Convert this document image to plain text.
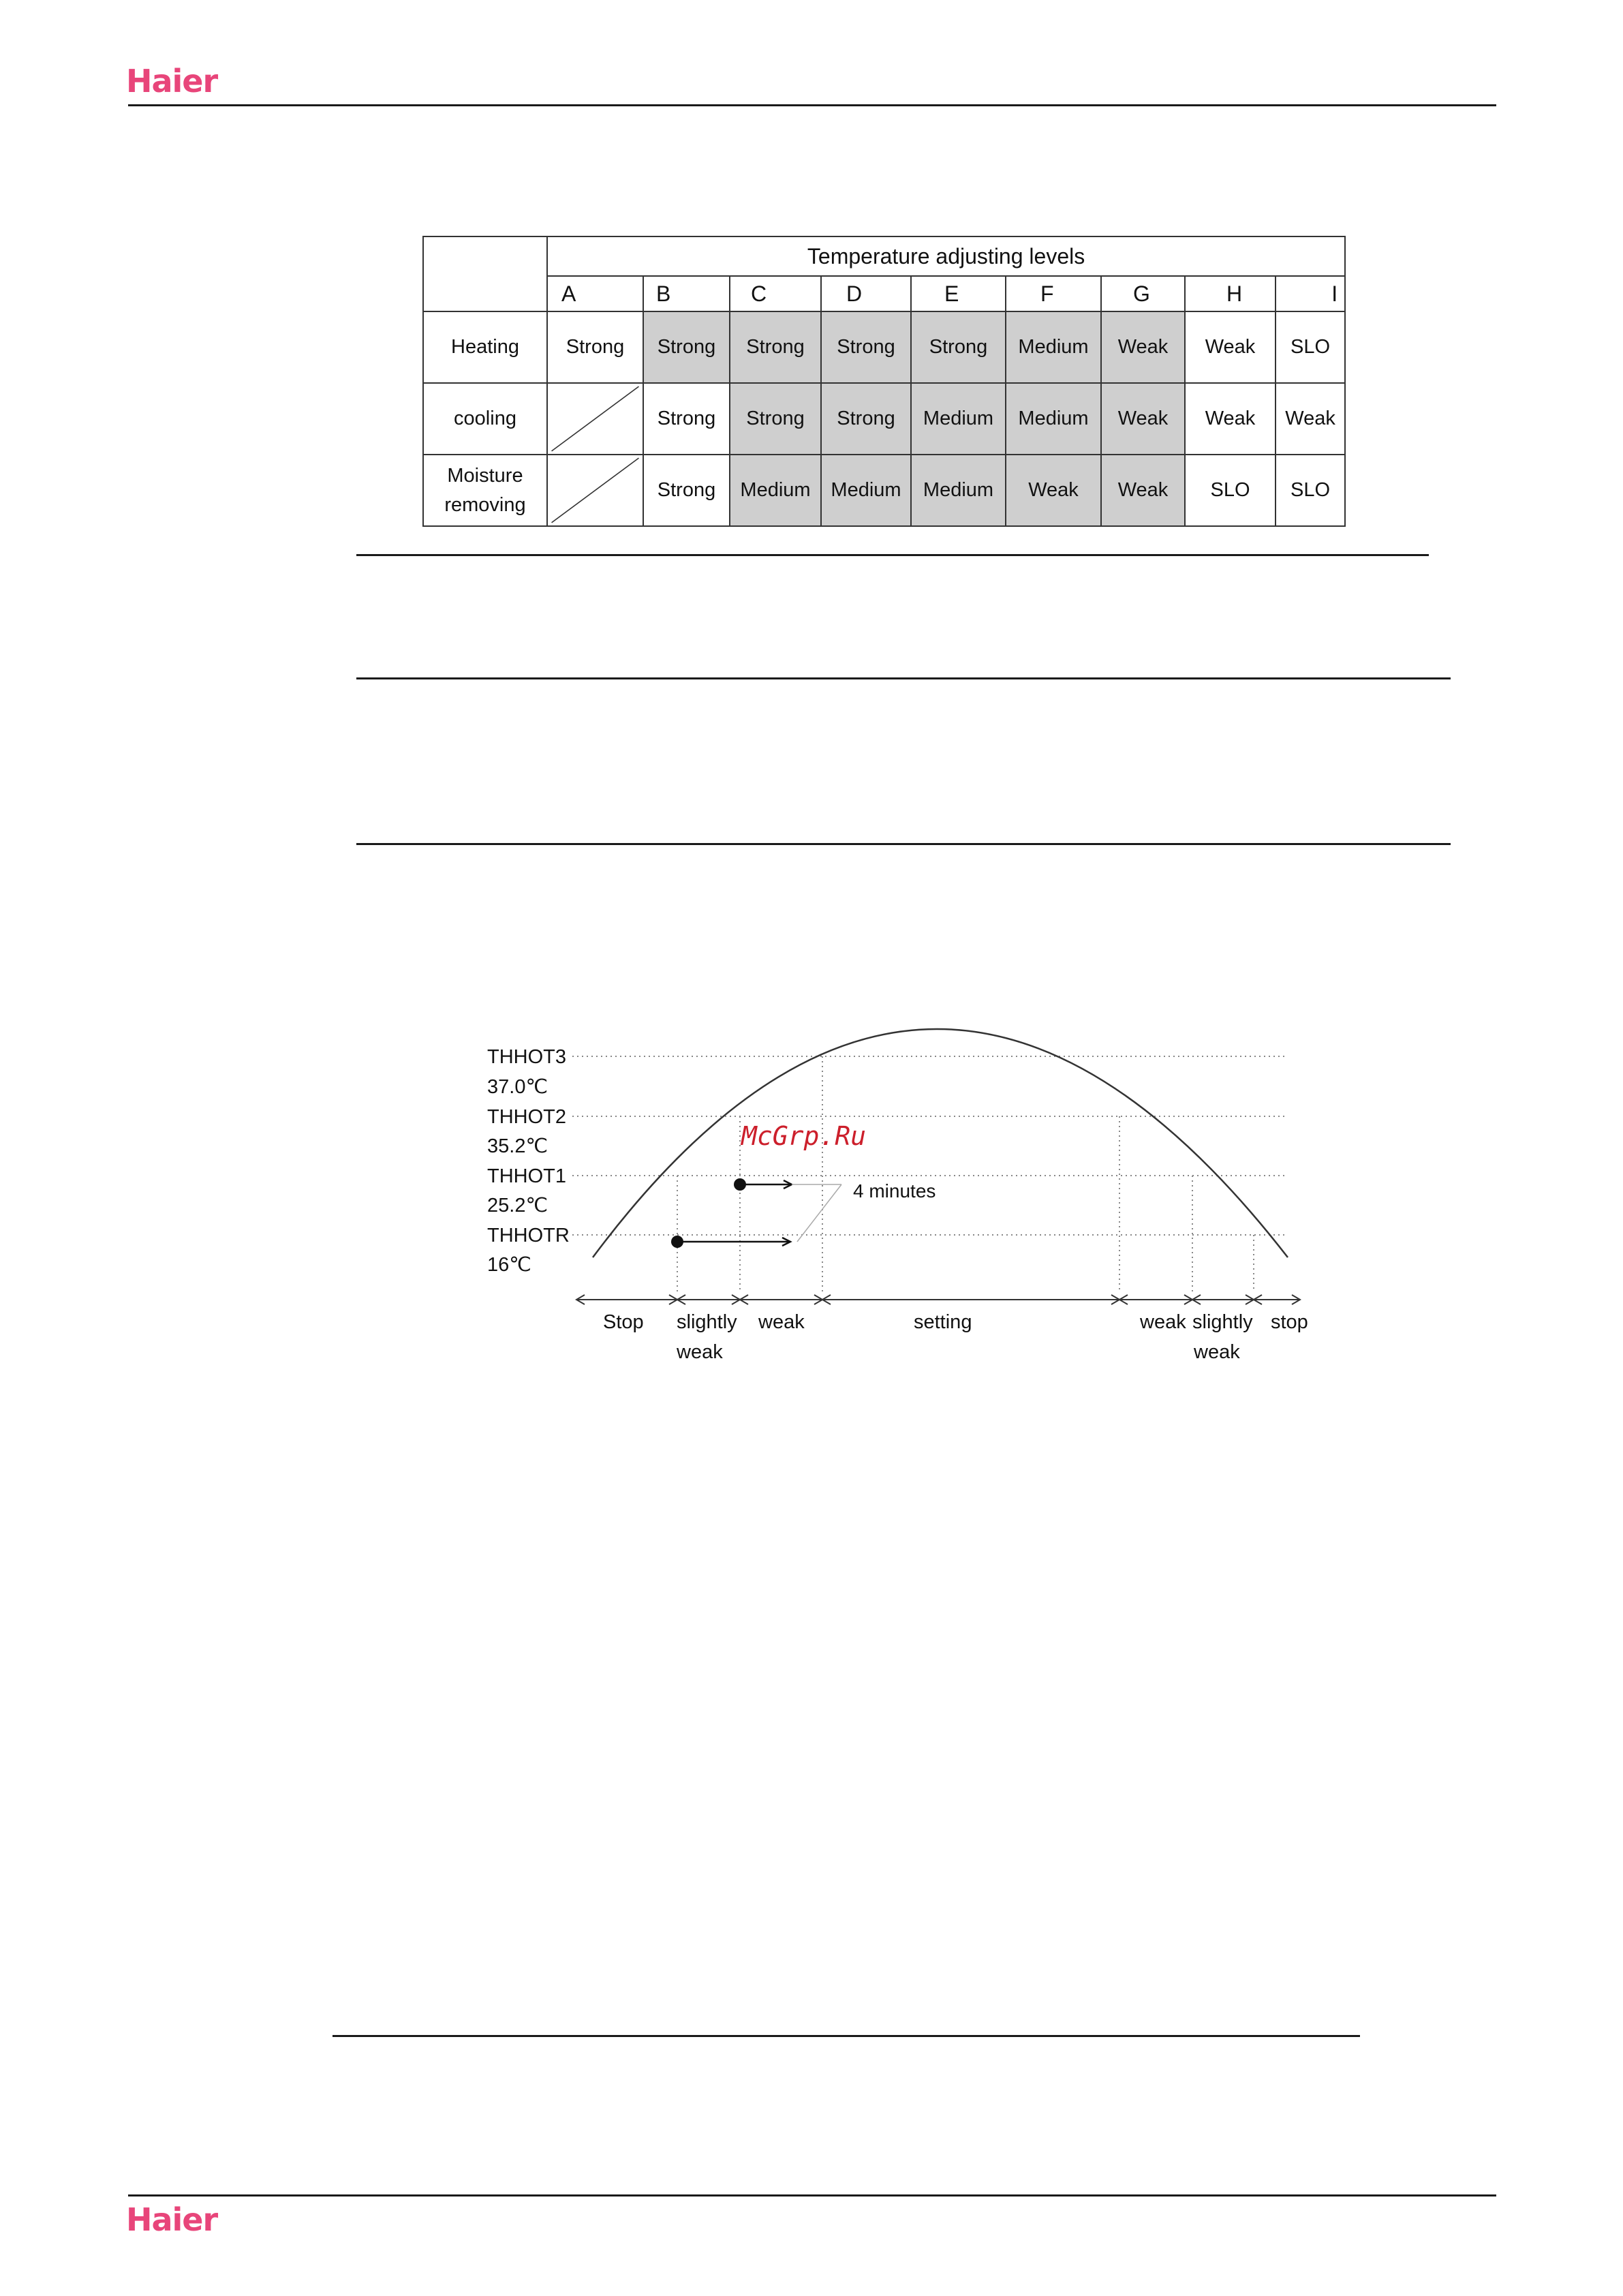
Haier
	Temperature adjusting levels								
	A	B	C	D	E	F	G	H	I
Heating	Strong	Strong	Strong	Strong	Strong	Medium	Weak	Weak	SLO
cooling		Strong	Strong	Strong	Medium	Medium	Weak	Weak	Weak
Moisture
removing		Strong	Medium	Medium	Medium	Weak	Weak	SLO	SLO
4 minutes
THHOT3
37.0℃
THHOT2
35.2℃
THHOT1
25.2℃
THHOTR
16℃
Stop slightly
weak
weak	setting	weak slightly
weak
stop
McGrp.Ru
Haier
